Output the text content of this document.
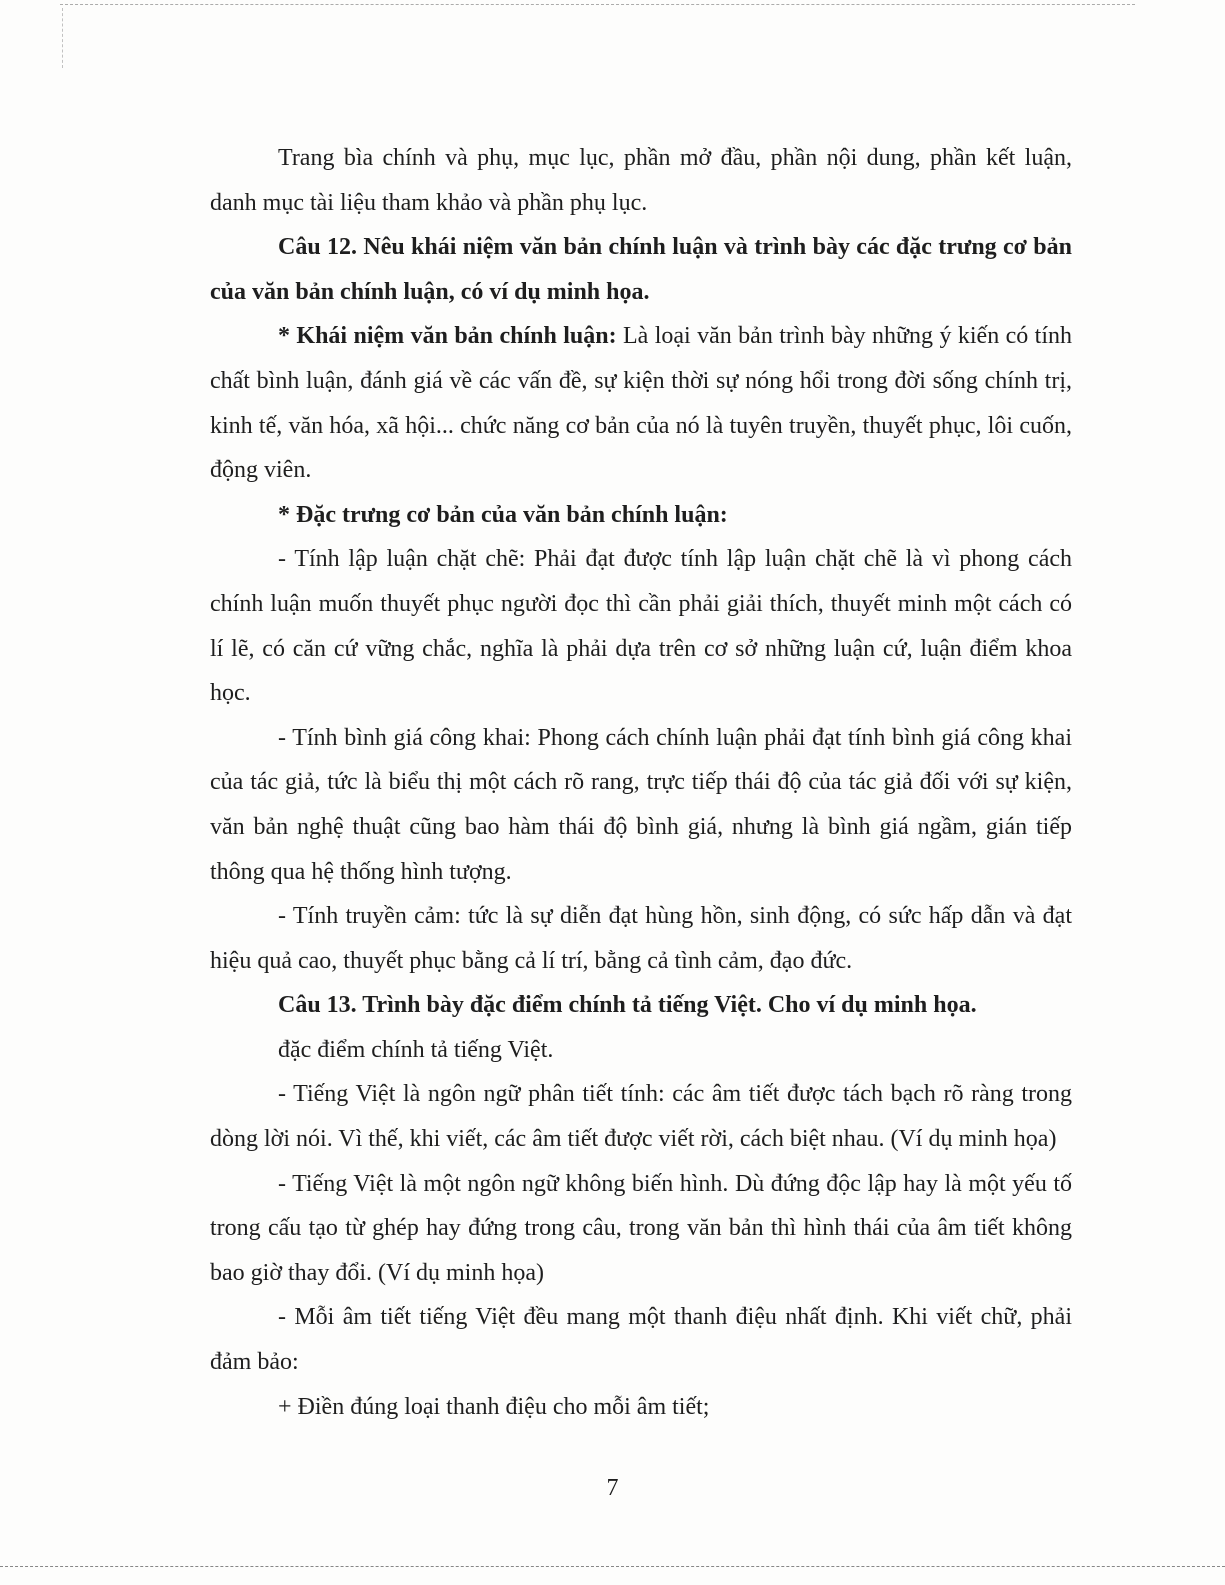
Trang bìa chính và phụ, mục lục, phần mở đầu, phần nội dung, phần kết luận, danh mục tài liệu tham khảo và phần phụ lục.

Câu 12. Nêu khái niệm văn bản chính luận và trình bày các đặc trưng cơ bản của văn bản chính luận, có ví dụ minh họa.

* Khái niệm văn bản chính luận: Là loại văn bản trình bày những ý kiến có tính chất bình luận, đánh giá về các vấn đề, sự kiện thời sự nóng hổi trong đời sống chính trị, kinh tế, văn hóa, xã hội... chức năng cơ bản của nó là tuyên truyền, thuyết phục, lôi cuốn, động viên.

* Đặc trưng cơ bản của văn bản chính luận:

- Tính lập luận chặt chẽ: Phải đạt được tính lập luận chặt chẽ là vì phong cách chính luận muốn thuyết phục người đọc thì cần phải giải thích, thuyết minh một cách có lí lẽ, có căn cứ vững chắc, nghĩa là phải dựa trên cơ sở những luận cứ, luận điểm khoa học.

- Tính bình giá công khai: Phong cách chính luận phải đạt tính bình giá công khai của tác giả, tức là biểu thị một cách rõ rang, trực tiếp thái độ của tác giả đối với sự kiện, văn bản nghệ thuật cũng bao hàm thái độ bình giá, nhưng là bình giá ngầm, gián tiếp thông qua hệ thống hình tượng.

- Tính truyền cảm: tức là sự diễn đạt hùng hồn, sinh động, có sức hấp dẫn và đạt hiệu quả cao, thuyết phục bằng cả lí trí, bằng cả tình cảm, đạo đức.

Câu 13. Trình bày đặc điểm chính tả tiếng Việt. Cho ví dụ minh họa.

đặc điểm chính tả tiếng Việt.

- Tiếng Việt là ngôn ngữ phân tiết tính: các âm tiết được tách bạch rõ ràng trong dòng lời nói. Vì thế, khi viết, các âm tiết được viết rời, cách biệt nhau. (Ví dụ minh họa)

- Tiếng Việt là một ngôn ngữ không biến hình. Dù đứng độc lập hay là một yếu tố trong cấu tạo từ ghép hay đứng trong câu, trong văn bản thì hình thái của âm tiết không bao giờ thay đổi. (Ví dụ minh họa)

- Mỗi âm tiết tiếng Việt đều mang một thanh điệu nhất định. Khi viết chữ, phải đảm bảo:

+ Điền đúng loại thanh điệu cho mỗi âm tiết;

7
